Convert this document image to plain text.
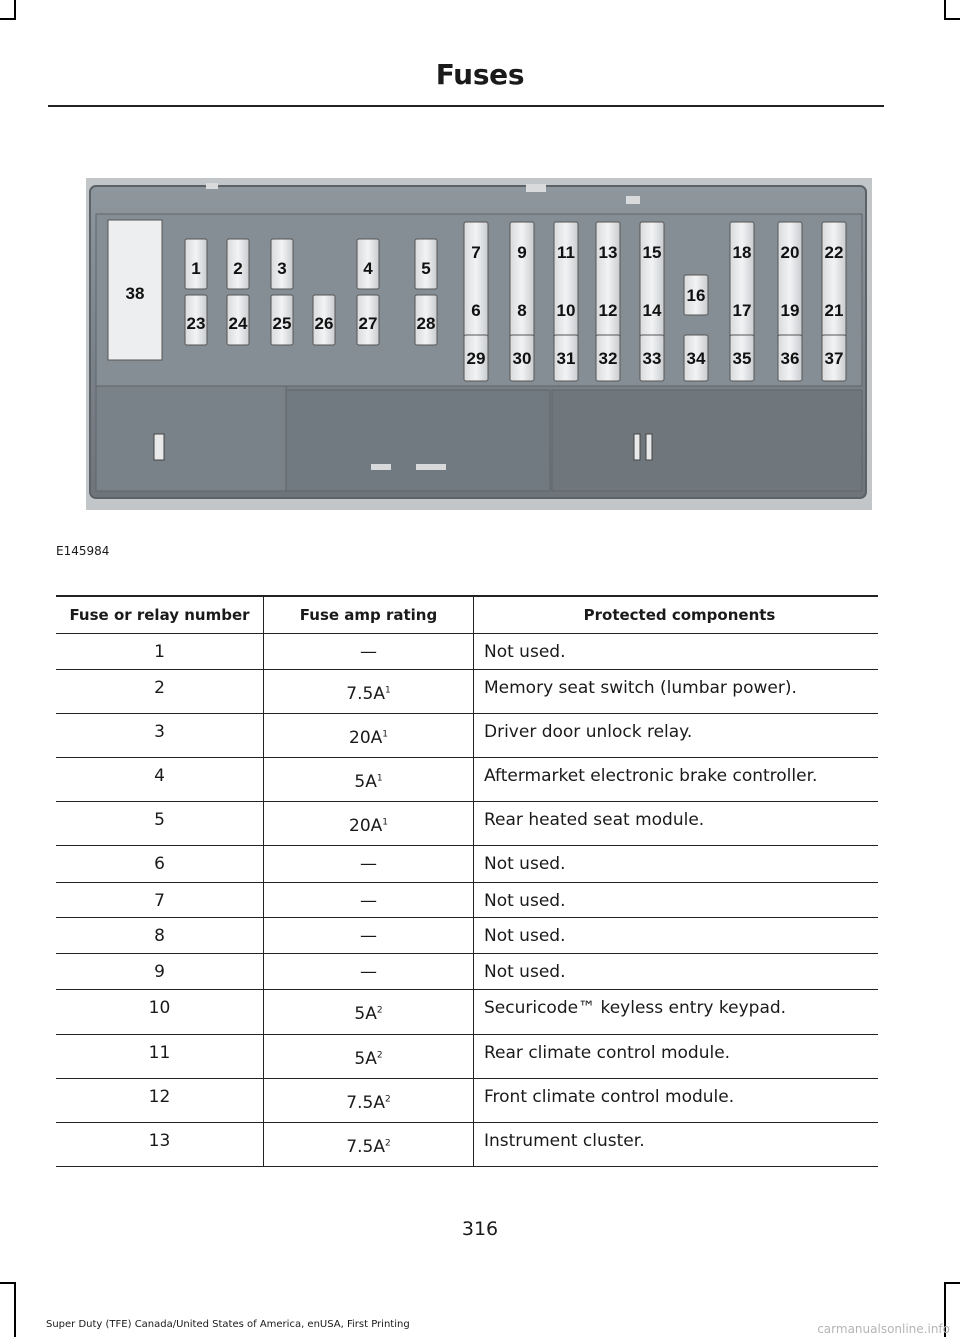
Fuses
38
1 2 3	4	5
23 24 25 26 27 28
7
6
29
9
8
30
11
10
31
13
12
32
15
14
33
18
17
35
20
19
36
22
21
37
16
34
E145984
Fuse or relay number	Fuse amp rating	Protected components
1	—	Not used.
2	$7.5A^1$	Memory seat switch (lumbar power).
3	$20A^1$	Driver door unlock relay.
4	$5A^1$	Aftermarket electronic brake controller.
5	$20A^1$	Rear heated seat module.
6	—	Not used.
7	—	Not used.
8	—	Not used.
9	—	Not used.
10	$5A^2$	Securicode™ keyless entry keypad.
11	$5A^2$	Rear climate control module.
12	$7.5A^2$	Front climate control module.
13	$7.5A^2$	Instrument cluster.
316
Super Duty (TFE) Canada/United States of America, enUSA, First Printing	carmanualsonline.info
